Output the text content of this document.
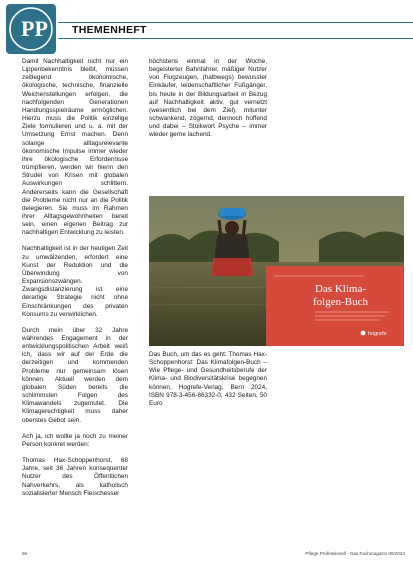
PP THEMENHEFT

Damit Nachhaltigkeit nicht nur ein Lippenbekenntnis bleibt, müssen zeitlegend ökonomische, ökologische, technische, finanzielle Weichenstellungen erfolgen, die nachfolgenden Generationen Handlungsspielräume ermöglichen. Hierzu muss die Politik einzelige Ziele formulieren und u. a. mit der Umsetzung Ernst machen. Denn solange alltagsrelevante ökonomische Impulse immer wieder ihre ökologische Erfordernisse trümpfieren, werden wir hierin den Strudel von Krisen mit globalen Auswirkungen schlittern. Andererseits kann die Gesellschaft die Probleme nicht nur an die Politik delegieren. Sie muss im Rahmen ihrer Alltagsgewohnheiten bereit sein, einen eigenen Beitrag zur nachhaltigen Entwicklung zu leisten.

Nachhaltigkeit ist in der heutigen Zeit zu umwälzenden, erfordert eine Kunst der Reduktion und die Überwindung von Expansionszwängen. Zwangsdistanzierung ist eine derartige Strategie nicht ohne Einschränkungen des privaten Konsums zu verwirklichen.

Durch mein über 32 Jahre währendes Engagement in der entwicklungspolitischen Arbeit weiß ich, dass wir auf der Erde die derzeitigen und kommenden Probleme nur gemeinsam lösen können. Aktuell werden dem globalen Süden bereits die schlimmsten Folgen des Klimawandels zugemutet. Die Klimagerechtigkeit muss daher oberstes Gebot sein.

Ach ja, ich wollte ja noch zu meiner Person konkret werden:

Thomas Hax-Schoppenhorst, 68 Jahre, seit 36 Jahren konsequenter Nutzer des Öffentlichen Nahverkehrs, als katholisch sozialisierter Mensch Fleischesser

höchstens einmal in der Woche, begeisterter Bahnfahrer, mäßiger Nutzer von Flugzeugen, (halbwegs) bewusster Einkäufer, leidenschaftlicher Fußgänger, bis heute in der Bildungsarbeit in Bezug auf Nachhaltigkeit aktiv, gut vernetzt (wesentlich bei dem Ziel), mitunter schwankend, zögernd, dennoch hoffend und dabei – Stoikwort Psyche – immer wieder gerne lachend.

Das Klima-
folgen-Buch
hogrefe
Das Buch, um das es geht: Thomas Hax-Schoppenhorst: Das Klimafolgen-Buch – Wie Pflege- und Gesundheitsberufe der Klima- und Biodiversitätskrise begegnen können, Hogrefe-Verlag, Bern 2024, ISBN 978-3-456-86332-0, 432 Seiten, 50 Euro
56	Pflege Professionell - Das Fachmagazin 08/2024
